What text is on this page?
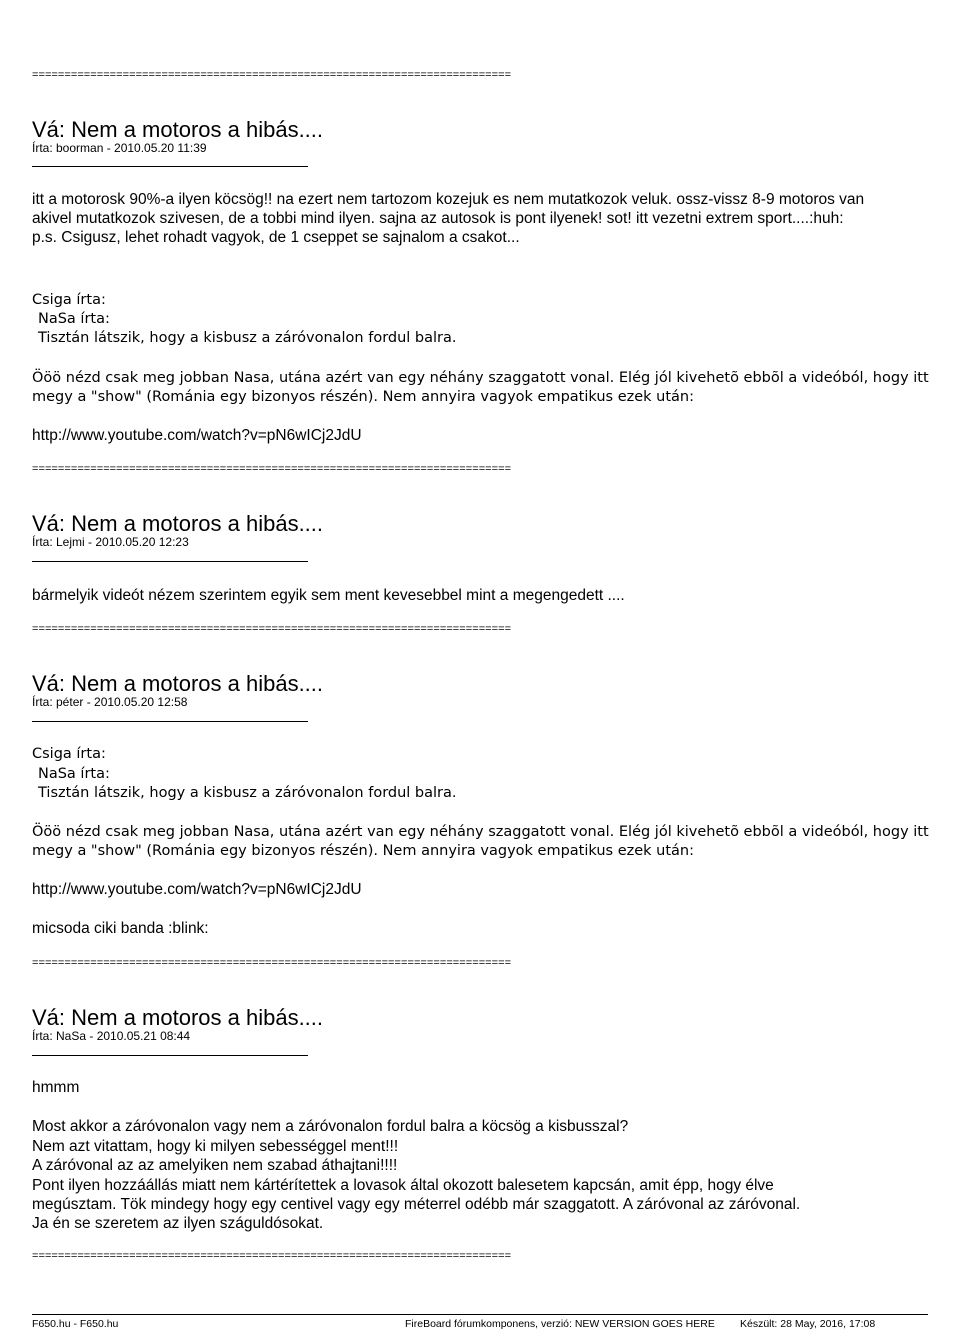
==========================================================================
Vá: Nem a motoros a hibás....
Írta: boorman - 2010.05.20 11:39
itt a motorosk 90%-a ilyen köcsög!! na ezert nem tartozom kozejuk es nem mutatkozok veluk. ossz-vissz 8-9 motoros van
akivel mutatkozok szivesen, de a tobbi mind ilyen. sajna az autosok is pont ilyenek! sot! itt vezetni extrem sport....:huh:
p.s. Csigusz, lehet rohadt vagyok, de 1 cseppet se sajnalom a csakot...
Csiga írta:
NaSa írta:
Tisztán látszik, hogy a kisbusz a záróvonalon fordul balra.
Ööö nézd csak meg jobban Nasa, utána azért van egy néhány szaggatott vonal. Elég jól kivehetõ ebbõl a videóból, hogy itt
megy a "show" (Románia egy bizonyos részén). Nem annyira vagyok empatikus ezek után:
http://www.youtube.com/watch?v=pN6wICj2JdU
==========================================================================
Vá: Nem a motoros a hibás....
Írta: Lejmi - 2010.05.20 12:23
bármelyik videót nézem szerintem egyik sem ment kevesebbel mint a megengedett ....
==========================================================================
Vá: Nem a motoros a hibás....
Írta: péter - 2010.05.20 12:58
Csiga írta:
NaSa írta:
Tisztán látszik, hogy a kisbusz a záróvonalon fordul balra.
Ööö nézd csak meg jobban Nasa, utána azért van egy néhány szaggatott vonal. Elég jól kivehetõ ebbõl a videóból, hogy itt
megy a "show" (Románia egy bizonyos részén). Nem annyira vagyok empatikus ezek után:
http://www.youtube.com/watch?v=pN6wICj2JdU
micsoda ciki banda :blink:
==========================================================================
Vá: Nem a motoros a hibás....
Írta: NaSa - 2010.05.21 08:44
hmmm
Most akkor a záróvonalon vagy nem a záróvonalon fordul balra a köcsög a kisbusszal?
Nem azt vitattam, hogy ki milyen sebességgel ment!!!
A záróvonal az az amelyiken nem szabad áthajtani!!!!
Pont ilyen hozzáállás miatt nem kártérítettek a lovasok által okozott balesetem kapcsán, amit épp, hogy élve
megúsztam. Tök mindegy hogy egy centivel vagy egy méterrel odébb már szaggatott. A záróvonal az záróvonal.
Ja én se szeretem az ilyen száguldósokat.
==========================================================================
F650.hu - F650.hu	FireBoard fórumkomponens, verzió: NEW VERSION GOES HERE Készült: 28 May, 2016, 17:08
